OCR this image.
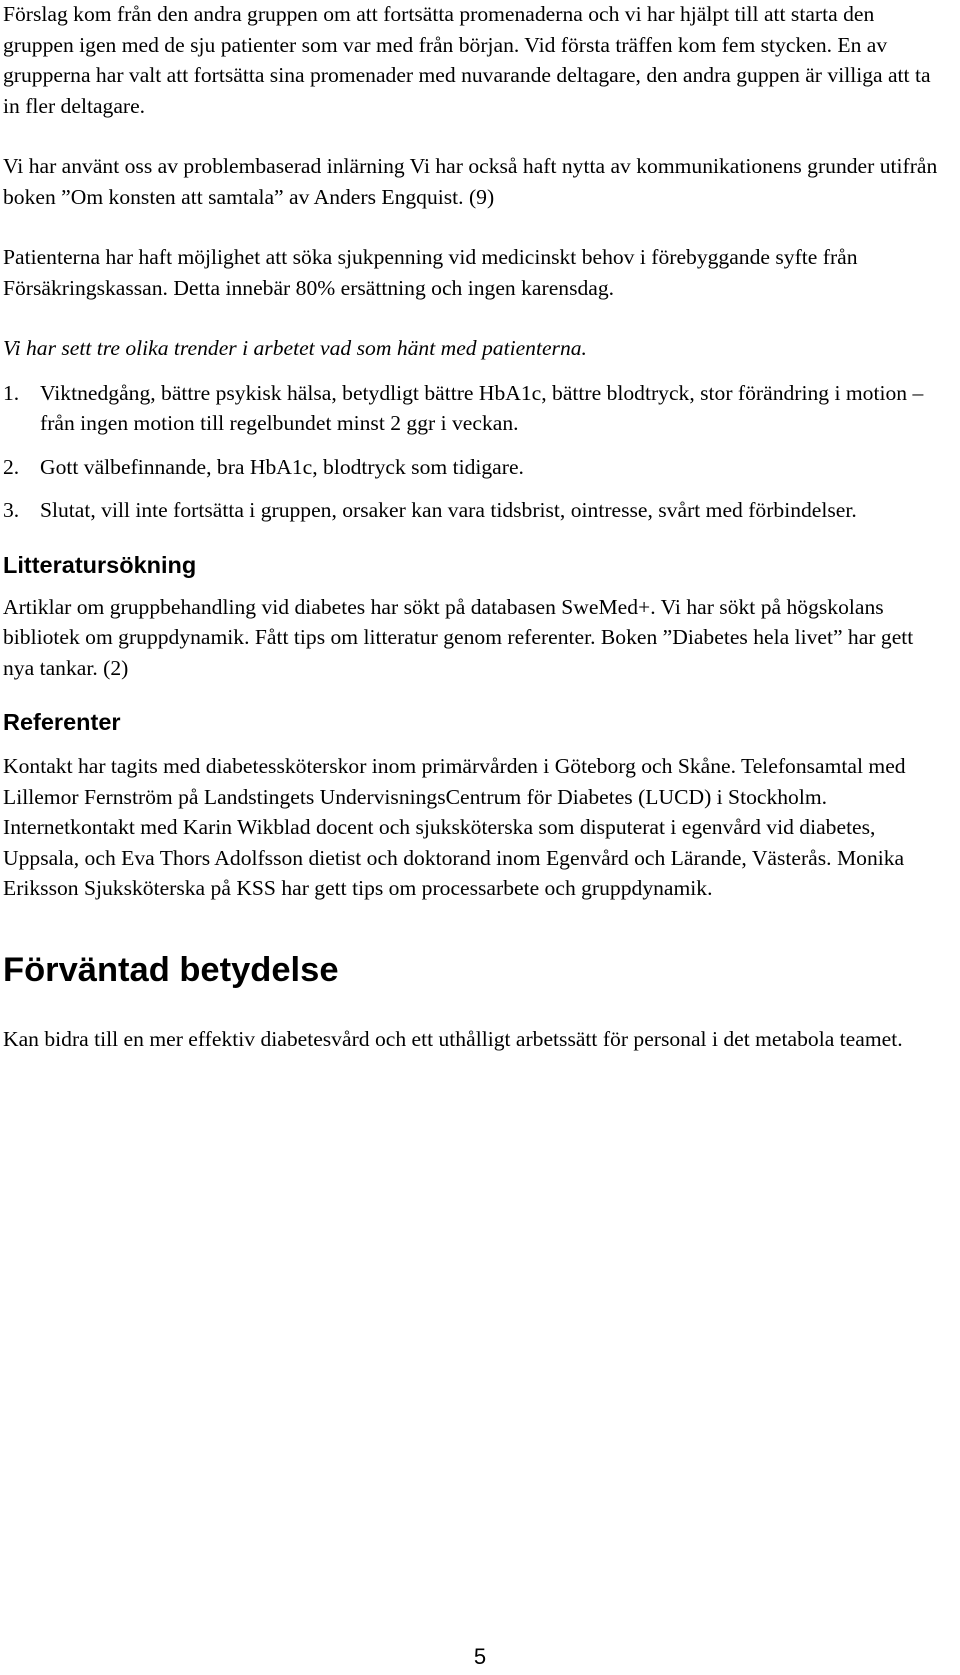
Förslag kom från den andra gruppen om att fortsätta promenaderna och vi har hjälpt till att starta den gruppen igen med de sju patienter som var med från början. Vid första träffen kom fem stycken. En av grupperna har valt att fortsätta sina promenader med nuvarande deltagare, den andra guppen är villiga att ta in fler deltagare.

Vi har använt oss av problembaserad inlärning Vi har också haft nytta av kommunikationens grunder utifrån boken ”Om konsten att samtala” av Anders Engquist. (9)

Patienterna har haft möjlighet att söka sjukpenning vid medicinskt behov i förebyggande syfte från Försäkringskassan. Detta innebär 80% ersättning och ingen karensdag.

Vi har sett tre olika trender i arbetet vad som hänt med patienterna.

1. Viktnedgång, bättre psykisk hälsa, betydligt bättre HbA1c, bättre blodtryck, stor förändring i motion – från ingen motion till regelbundet minst 2 ggr i veckan.
2. Gott välbefinnande, bra HbA1c, blodtryck som tidigare.
3. Slutat, vill inte fortsätta i gruppen, orsaker kan vara tidsbrist, ointresse, svårt med förbindelser.
Litteratursökning

Artiklar om gruppbehandling vid diabetes har sökt på databasen SweMed+. Vi har sökt på högskolans bibliotek om gruppdynamik. Fått tips om litteratur genom referenter. Boken ”Diabetes hela livet” har gett nya tankar. (2)

Referenter

Kontakt har tagits med diabetessköterskor inom primärvården i Göteborg och Skåne. Telefonsamtal med Lillemor Fernström på Landstingets UndervisningsCentrum för Diabetes (LUCD) i Stockholm. Internetkontakt med Karin Wikblad docent och sjuksköterska som disputerat i egenvård vid diabetes, Uppsala, och Eva Thors Adolfsson dietist och doktorand inom Egenvård och Lärande, Västerås. Monika Eriksson Sjuksköterska på KSS har gett tips om processarbete och gruppdynamik.

Förväntad betydelse

Kan bidra till en mer effektiv diabetesvård och ett uthålligt arbetssätt för personal i det metabola teamet.

5
